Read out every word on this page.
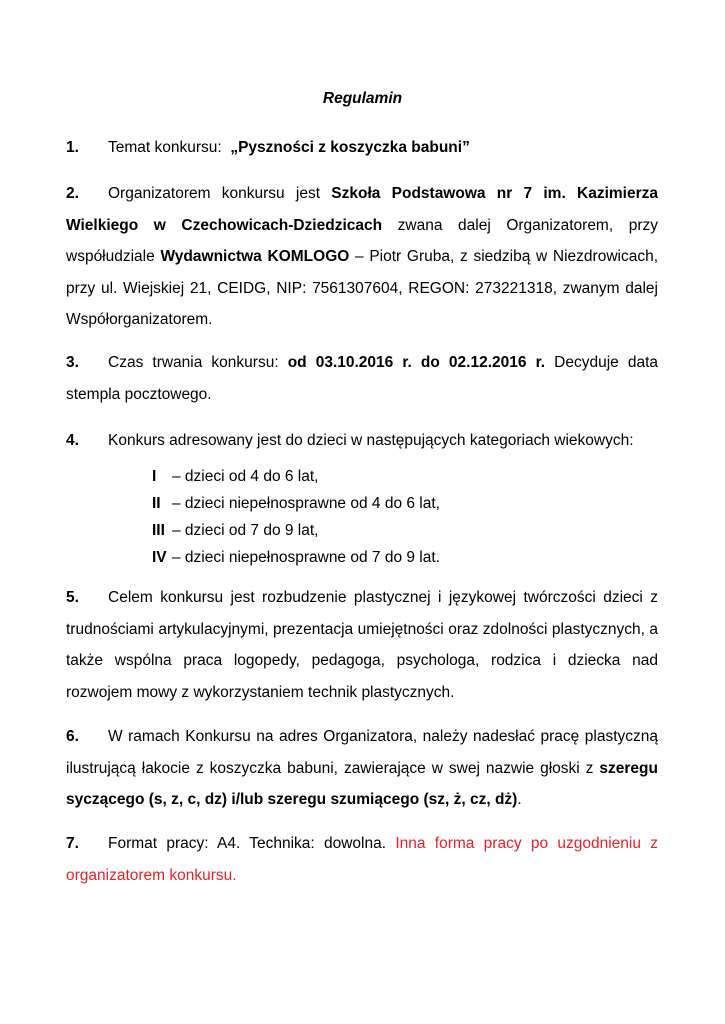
Regulamin
1. Temat konkursu: „Pyszności z koszyczka babuni”
2. Organizatorem konkursu jest Szkoła Podstawowa nr 7 im. Kazimierza Wielkiego w Czechowicach-Dziedzicach zwana dalej Organizatorem, przy współudziale Wydawnictwa KOMLOGO – Piotr Gruba, z siedzibą w Niezdrowicach, przy ul. Wiejskiej 21, CEIDG, NIP: 7561307604, REGON: 273221318, zwanym dalej Współorganizatorem.
3. Czas trwania konkursu: od 03.10.2016 r. do 02.12.2016 r. Decyduje data stempla pocztowego.
4. Konkurs adresowany jest do dzieci w następujących kategoriach wiekowych:
I – dzieci od 4 do 6 lat,
II – dzieci niepełnosprawne od 4 do 6 lat,
III – dzieci od 7 do 9 lat,
IV – dzieci niepełnosprawne od 7 do 9 lat.
5. Celem konkursu jest rozbudzenie plastycznej i językowej twórczości dzieci z trudnościami artykulacyjnymi, prezentacja umiejętności oraz zdolności plastycznych, a także wspólna praca logopedy, pedagoga, psychologa, rodzica i dziecka nad rozwojem mowy z wykorzystaniem technik plastycznych.
6. W ramach Konkursu na adres Organizatora, należy nadesłać pracę plastyczną ilustrującą łakocie z koszyczka babuni, zawierające w swej nazwie głoski z szeregu syczącego (s, z, c, dz) i/lub szeregu szumiącego (sz, ż, cz, dż).
7. Format pracy: A4. Technika: dowolna. Inna forma pracy po uzgodnieniu z organizatorem konkursu.
